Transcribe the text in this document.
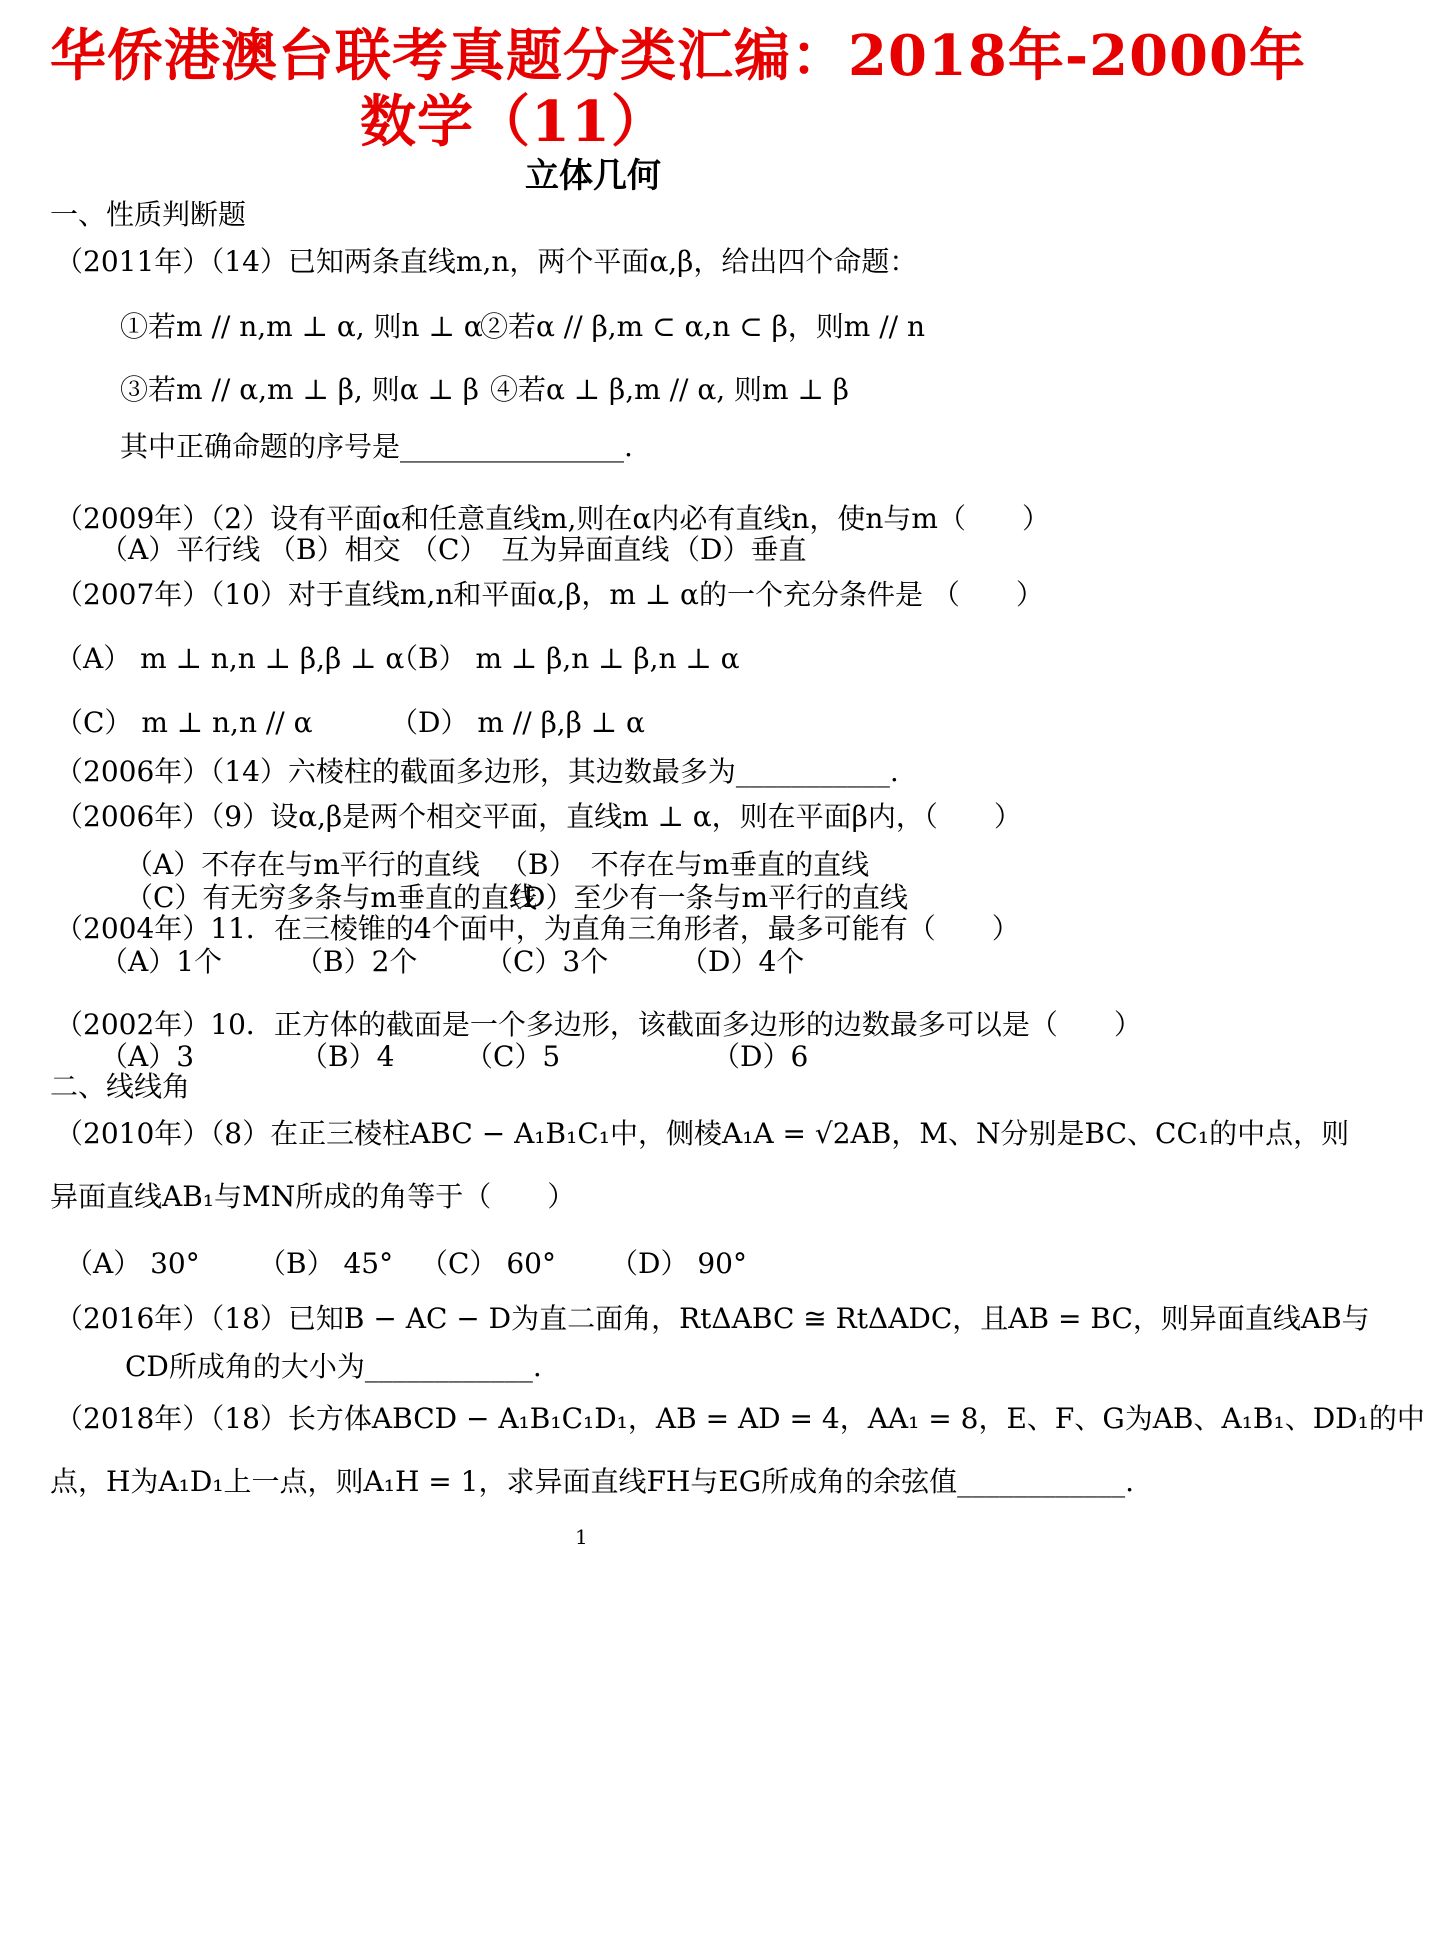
华侨港澳台联考真题分类汇编：2018年-2000年
数学（11）
立体几何
一、性质判断题
（2011年）（14）已知两条直线m,n，两个平面α,β，给出四个命题：
①若m // n,m ⊥ α, 则n ⊥ α
②若α // β,m ⊂ α,n ⊂ β，则m // n
③若m // α,m ⊥ β, 则α ⊥ β ④若α ⊥ β,m // α, 则m ⊥ β
其中正确命题的序号是________________.
（2009年）（2）设有平面α和任意直线m,则在α内必有直线n，使n与m（　　）
（A）平行线 （B）相交 （C）　互为异面直线 （D）垂直
（2007年）（10）对于直线m,n和平面α,β，m ⊥ α的一个充分条件是 （　　）
（A） m ⊥ n,n ⊥ β,β ⊥ α
（B） m ⊥ β,n ⊥ β,n ⊥ α
（C） m ⊥ n,n // α	（D） m // β,β ⊥ α
（2006年）（14）六棱柱的截面多边形，其边数最多为___________.
（2006年）（9）设α,β是两个相交平面，直线m ⊥ α，则在平面β内，（　　）
（A）不存在与m平行的直线 （B）　不存在与m垂直的直线
（C）有无穷多条与m垂直的直线
（D）至少有一条与m平行的直线
（2004年）11．在三棱锥的4个面中，为直角三角形者，最多可能有（　　）
（A）1个	（B）2个 （C）3个	（D）4个
（2002年）10．正方体的截面是一个多边形，该截面多边形的边数最多可以是（　　）
（A）3	（B）4	（C）5	（D）6
二、线线角
（2010年）（8）在正三棱柱ABC − A₁B₁C₁中，侧棱A₁A = √2AB，M、N分别是BC、CC₁的中点，则
异面直线AB₁与MN所成的角等于（　　）
（A） 30° （B） 45° （C） 60° （D） 90°
（2016年）（18）已知B − AC − D为直二面角，RtΔABC ≅ RtΔADC，且AB = BC，则异面直线AB与
CD所成角的大小为____________.
（2018年）（18）长方体ABCD − A₁B₁C₁D₁，AB = AD = 4，AA₁ = 8，E、F、G为AB、A₁B₁、DD₁的中
点，H为A₁D₁上一点，则A₁H = 1，求异面直线FH与EG所成角的余弦值____________.
1
